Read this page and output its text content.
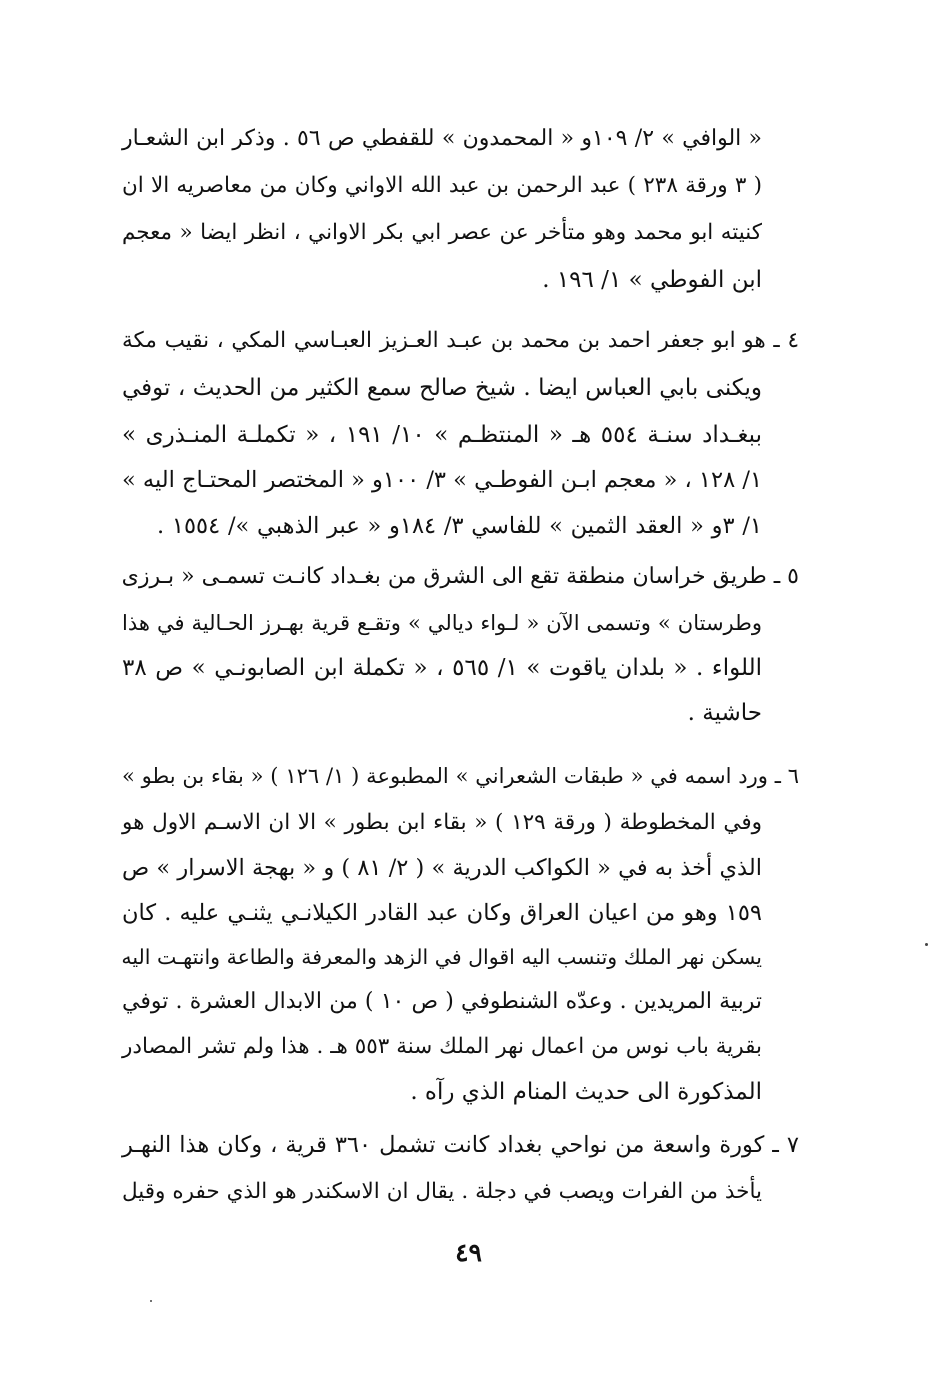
« الوافي » ٢/ ١٠٩و « المحمدون » للقفطي ص ٥٦ . وذكر ابن الشعـار
( ٣ ورقة ٢٣٨ ) عبد الرحمن بن عبد الله الاواني وكان من معاصريه الا ان
كنيته ابو محمد وهو متأخر عن عصر ابي بكر الاواني ، انظر ايضا « معجم
ابن الفوطي » ١/ ١٩٦ .
٤ ـ هو ابو جعفر احمد بن محمد بن عبـد العـزيز العبـاسي المكي ، نقيب مكة
ويكنى بابي العباس ايضا . شيخ صالح سمع الكثير من الحديث ، توفي
ببغـداد سنـة ٥٥٤ هـ « المنتظـم » ١٠/ ١٩١ ، « تكملـة المنـذرى »
١/ ١٢٨ ، « معجم ابـن الفوطـي » ٣/ ١٠٠و « المختصر المحتـاج اليه »
١/ ٣و « العقد الثمين » للفاسي ٣/ ١٨٤و « عبر الذهبي »/ ١٥٥٤ .
٥ ـ طريق خراسان منطقة تقع الى الشرق من بغـداد كانـت تسمـى « بـرزى
وطرستان » وتسمى الآن « لـواء ديالي » وتقـع قرية بهـرز الحـالية في هذا
اللواء . « بلدان ياقوت » ١/ ٥٦٥ ، « تكملة ابن الصابونـي » ص ٣٨
حاشية .
٦ ـ ورد اسمه في « طبقات الشعراني » المطبوعة ( ١/ ١٢٦ ) « بقاء بن بطو »
وفي المخطوطة ( ورقة ١٢٩ ) « بقاء ابن بطور » الا ان الاسـم الاول هو
الذي أخذ به في « الكواكب الدرية » ( ٢/ ٨١ ) و « بهجة الاسرار » ص
١٥٩ وهو من اعيان العراق وكان عبد القادر الكيلانـي يثنـي عليه . كان
يسكن نهر الملك وتنسب اليه اقوال في الزهد والمعرفة والطاعة وانتهـت اليه
تربية المريدين . وعدّه الشنطوفي ( ص ١٠ ) من الابدال العشرة . توفي
بقرية باب نوس من اعمال نهر الملك سنة ٥٥٣ هـ . هذا ولم تشر المصادر
المذكورة الى حديث المنام الذي رآه .
٧ ـ كورة واسعة من نواحي بغداد كانت تشمل ٣٦٠ قرية ، وكان هذا النهـر
يأخذ من الفرات ويصب في دجلة . يقال ان الاسكندر هو الذي حفره وقيل
٤٩
